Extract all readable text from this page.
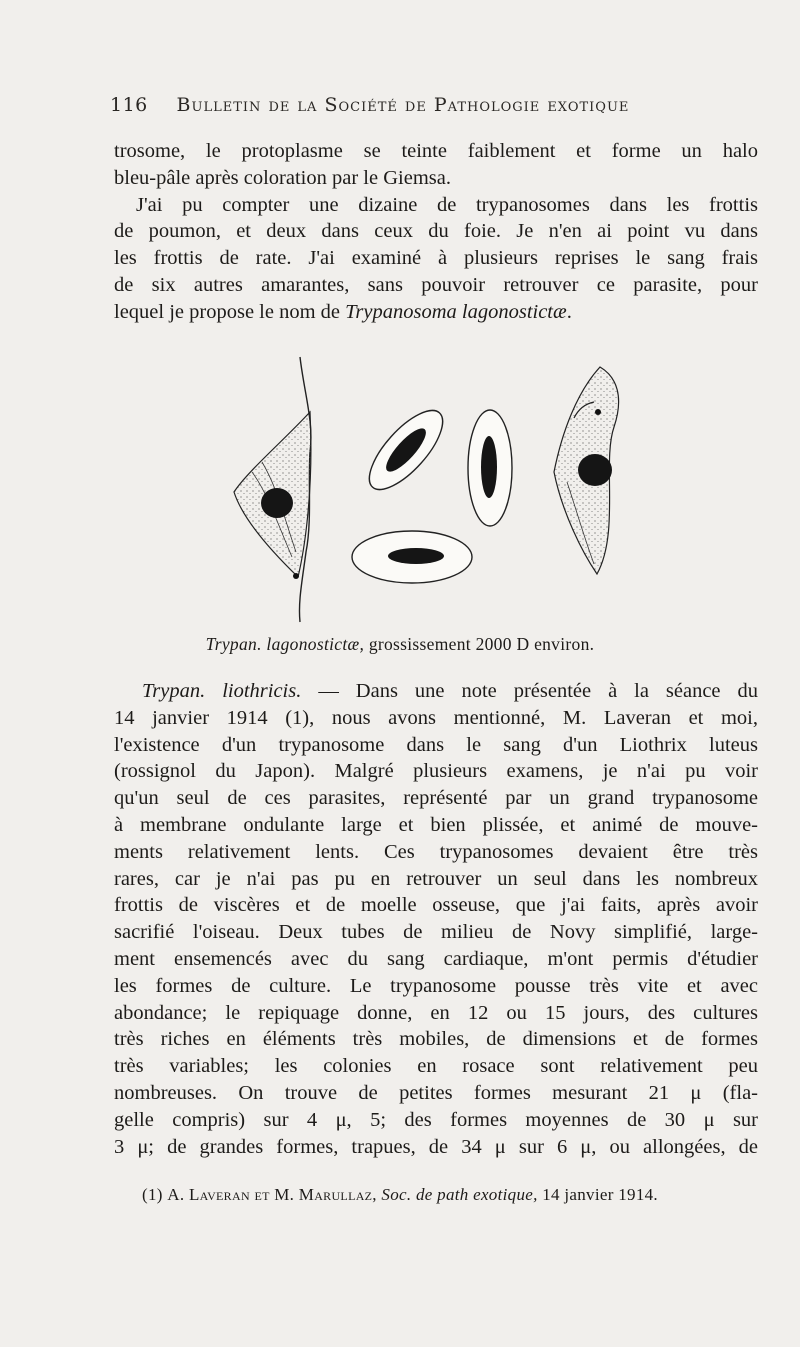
116 Bulletin de la Société de Pathologie exotique
trosome, le protoplasme se teinte faiblement et forme un halo
bleu-pâle après coloration par le Giemsa.
J'ai pu compter une dizaine de trypanosomes dans les frottis
de poumon, et deux dans ceux du foie. Je n'en ai point vu dans
les frottis de rate. J'ai examiné à plusieurs reprises le sang frais
de six autres amarantes, sans pouvoir retrouver ce parasite, pour
lequel je propose le nom de Trypanosoma lagonostictæ.
Trypan. lagonostictæ, grossissement 2000 D environ.
Trypan. liothricis. — Dans une note présentée à la séance du
14 janvier 1914 (1), nous avons mentionné, M. Laveran et moi,
l'existence d'un trypanosome dans le sang d'un Liothrix luteus
(rossignol du Japon). Malgré plusieurs examens, je n'ai pu voir
qu'un seul de ces parasites, représenté par un grand trypanosome
à membrane ondulante large et bien plissée, et animé de mouve-
ments relativement lents. Ces trypanosomes devaient être très
rares, car je n'ai pas pu en retrouver un seul dans les nombreux
frottis de viscères et de moelle osseuse, que j'ai faits, après avoir
sacrifié l'oiseau. Deux tubes de milieu de Novy simplifié, large-
ment ensemencés avec du sang cardiaque, m'ont permis d'étudier
les formes de culture. Le trypanosome pousse très vite et avec
abondance; le repiquage donne, en 12 ou 15 jours, des cultures
très riches en éléments très mobiles, de dimensions et de formes
très variables; les colonies en rosace sont relativement peu
nombreuses. On trouve de petites formes mesurant 21 μ (fla-
gelle compris) sur 4 μ, 5; des formes moyennes de 30 μ sur
3 μ; de grandes formes, trapues, de 34 μ sur 6 μ, ou allongées, de
(1) A. Laveran et M. Marullaz, Soc. de path exotique, 14 janvier 1914.
